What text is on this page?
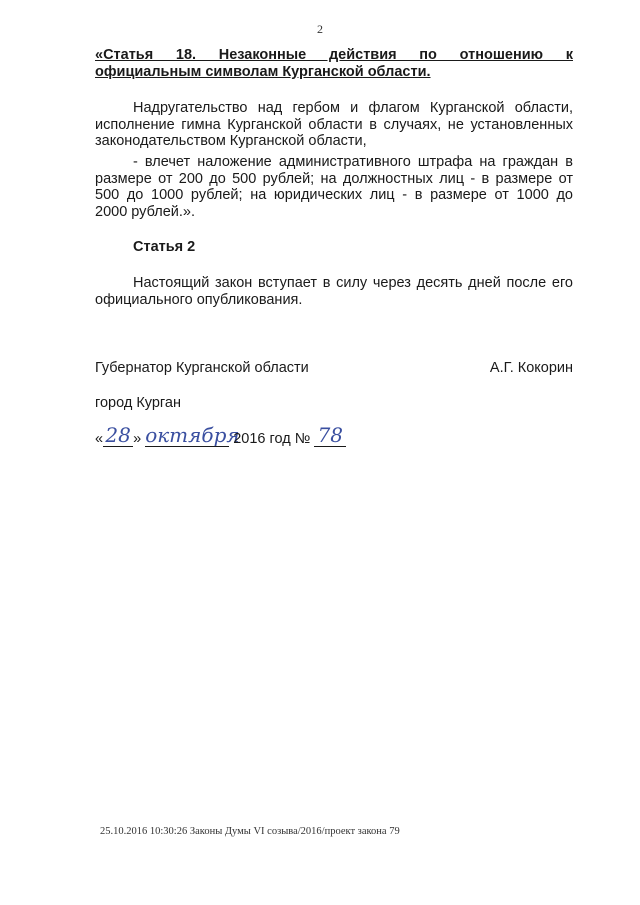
2
«Статья 18. Незаконные действия по отношению к
официальным символам Курганской области.
Надругательство над гербом и флагом Курганской области,
исполнение гимна Курганской области в случаях, не установленных
законодательством Курганской области,
- влечет наложение административного штрафа на граждан в
размере от 200 до 500 рублей; на должностных лиц - в размере от
500 до 1000 рублей; на юридических лиц - в размере от 1000 до
2000 рублей.».
Статья 2
Настоящий закон вступает в силу через десять дней после его
официального опубликования.
Губернатор Курганской области	А.Г. Кокорин
город Курган
« 28 » октября 2016 год № 78
25.10.2016 10:30:26 Законы Думы VI созыва/2016/проект закона 79
